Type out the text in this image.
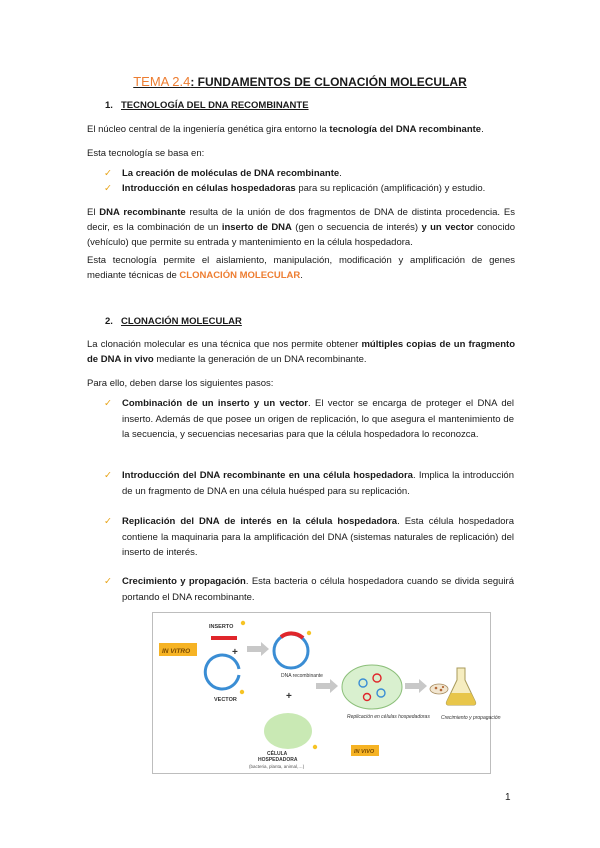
TEMA 2.4: FUNDAMENTOS DE CLONACIÓN MOLECULAR
1. TECNOLOGÍA DEL DNA RECOMBINANTE
El núcleo central de la ingeniería genética gira entorno la tecnología del DNA recombinante.
Esta tecnología se basa en:
✓ La creación de moléculas de DNA recombinante.
✓ Introducción en células hospedadoras para su replicación (amplificación) y estudio.
El DNA recombinante resulta de la unión de dos fragmentos de DNA de distinta procedencia. Es decir, es la combinación de un inserto de DNA (gen o secuencia de interés) y un vector conocido (vehículo) que permite su entrada y mantenimiento en la célula hospedadora.
Esta tecnología permite el aislamiento, manipulación, modificación y amplificación de genes mediante técnicas de CLONACIÓN MOLECULAR.
2. CLONACIÓN MOLECULAR
La clonación molecular es una técnica que nos permite obtener múltiples copias de un fragmento de DNA in vivo mediante la generación de un DNA recombinante.
Para ello, deben darse los siguientes pasos:
✓ Combinación de un inserto y un vector. El vector se encarga de proteger el DNA del inserto. Además de que posee un origen de replicación, lo que asegura el mantenimiento de la secuencia, y secuencias necesarias para que la célula hospedadora lo reconozca.
✓ Introducción del DNA recombinante en una célula hospedadora. Implica la introducción de un fragmento de DNA en una célula huésped para su replicación.
✓ Replicación del DNA de interés en la célula hospedadora. Esta célula hospedadora contiene la maquinaria para la amplificación del DNA (sistemas naturales de replicación) del inserto de interés.
✓ Crecimiento y propagación. Esta bacteria o célula hospedadora cuando se divida seguirá portando el DNA recombinante.
IN VITRO
INSERTO
+
VECTOR
DNA recombinante
+
CÉLULA
HOSPEDADORA
(bacteria, planta, animal,…)
Replicación en células hospedadoras
IN VIVO
Crecimiento y propagación
1
